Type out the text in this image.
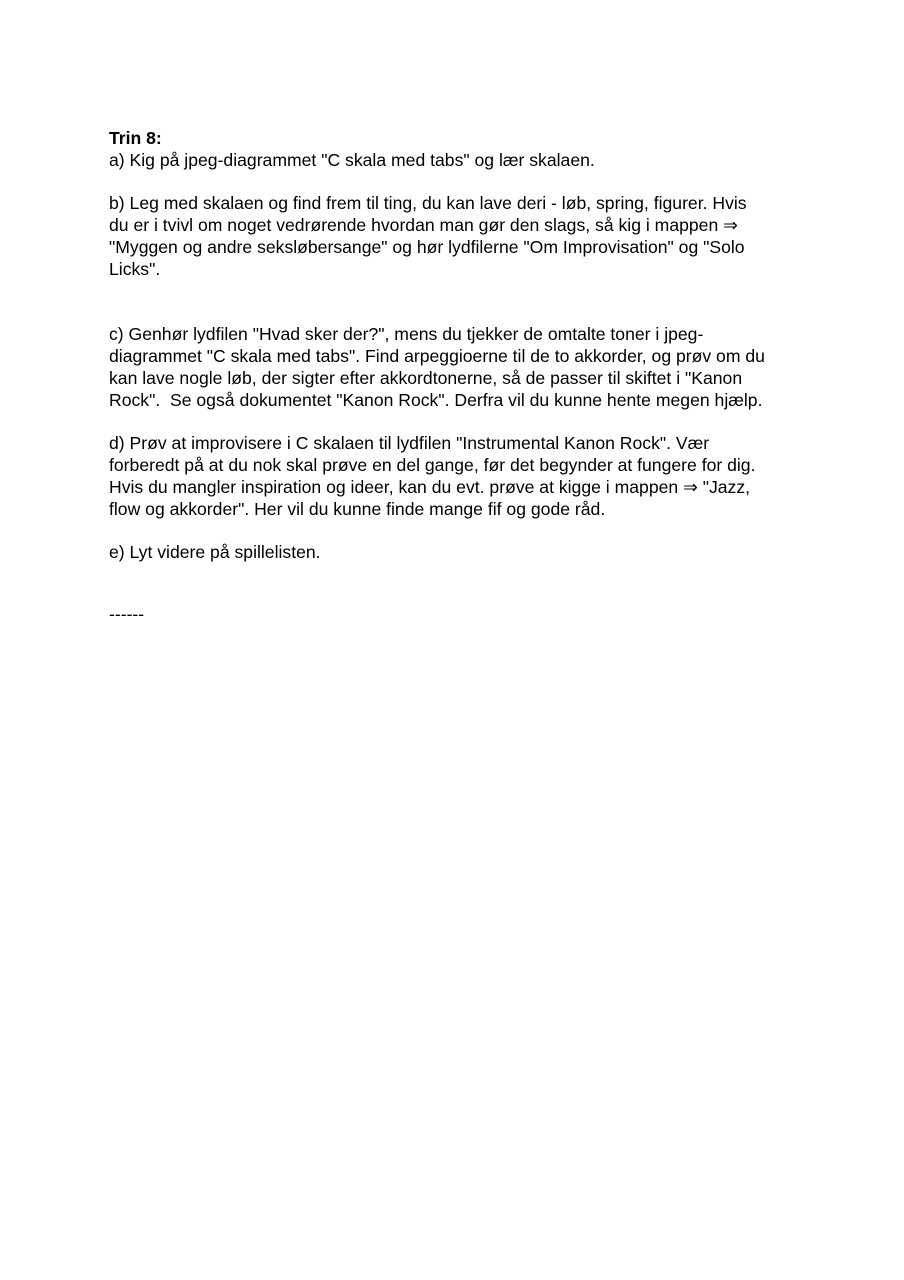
Trin 8:
a) Kig på jpeg-diagrammet "C skala med tabs" og lær skalaen.
b) Leg med skalaen og find frem til ting, du kan lave deri - løb, spring, figurer. Hvis
du er i tvivl om noget vedrørende hvordan man gør den slags, så kig i mappen ⇒
"Myggen og andre seksløbersange" og hør lydfilerne "Om Improvisation" og "Solo
Licks".
c) Genhør lydfilen "Hvad sker der?", mens du tjekker de omtalte toner i jpeg-
diagrammet "C skala med tabs". Find arpeggioerne til de to akkorder, og prøv om du
kan lave nogle løb, der sigter efter akkordtonerne, så de passer til skiftet i "Kanon
Rock".  Se også dokumentet "Kanon Rock". Derfra vil du kunne hente megen hjælp.
d) Prøv at improvisere i C skalaen til lydfilen "Instrumental Kanon Rock". Vær
forberedt på at du nok skal prøve en del gange, før det begynder at fungere for dig.
Hvis du mangler inspiration og ideer, kan du evt. prøve at kigge i mappen ⇒ "Jazz,
flow og akkorder". Her vil du kunne finde mange fif og gode råd.
e) Lyt videre på spillelisten.
------
